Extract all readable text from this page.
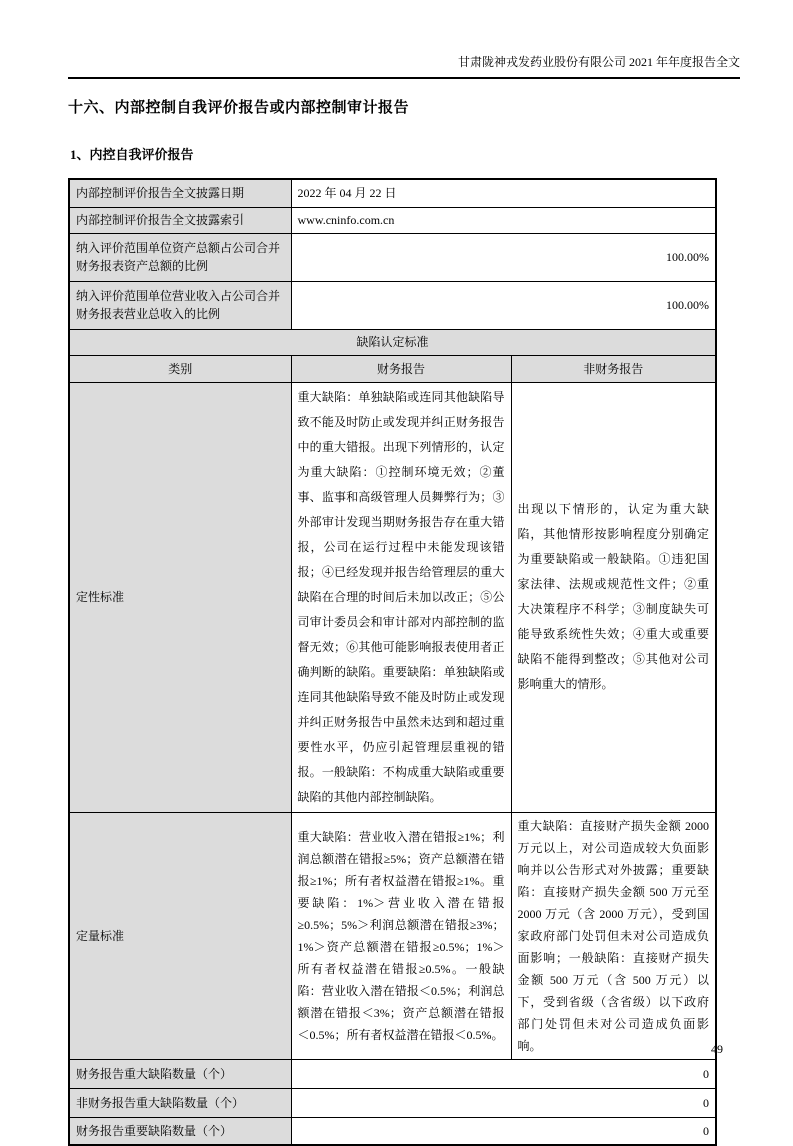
甘肃陇神戎发药业股份有限公司 2021 年年度报告全文
十六、内部控制自我评价报告或内部控制审计报告
1、内控自我评价报告
内部控制评价报告全文披露日期	2022 年 04 月 22 日	
内部控制评价报告全文披露索引	www.cninfo.com.cn	
纳入评价范围单位资产总额占公司合并财务报表资产总额的比例	100.00%	
纳入评价范围单位营业收入占公司合并财务报表营业总收入的比例	100.00%	
缺陷认定标准		
类别	财务报告	非财务报告
定性标准	重大缺陷：单独缺陷或连同其他缺陷导致不能及时防止或发现并纠正财务报告中的重大错报。出现下列情形的，认定为重大缺陷：①控制环境无效；②董事、监事和高级管理人员舞弊行为；③外部审计发现当期财务报告存在重大错报，公司在运行过程中未能发现该错报；④已经发现并报告给管理层的重大缺陷在合理的时间后未加以改正；⑤公司审计委员会和审计部对内部控制的监督无效；⑥其他可能影响报表使用者正确判断的缺陷。重要缺陷：单独缺陷或连同其他缺陷导致不能及时防止或发现并纠正财务报告中虽然未达到和超过重要性水平，仍应引起管理层重视的错报。一般缺陷：不构成重大缺陷或重要缺陷的其他内部控制缺陷。	出现以下情形的，认定为重大缺陷，其他情形按影响程度分别确定为重要缺陷或一般缺陷。①违犯国家法律、法规或规范性文件；②重大决策程序不科学；③制度缺失可能导致系统性失效；④重大或重要缺陷不能得到整改；⑤其他对公司影响重大的情形。
定量标准	重大缺陷：营业收入潜在错报≥1%；利润总额潜在错报≥5%；资产总额潜在错报≥1%；所有者权益潜在错报≥1%。重要缺陷：1%＞营业收入潜在错报≥0.5%；5%＞利润总额潜在错报≥3%；1%＞资产总额潜在错报≥0.5%；1%＞所有者权益潜在错报≥0.5%。一般缺陷：营业收入潜在错报＜0.5%；利润总额潜在错报＜3%；资产总额潜在错报＜0.5%；所有者权益潜在错报＜0.5%。	重大缺陷：直接财产损失金额 2000 万元以上，对公司造成较大负面影响并以公告形式对外披露；重要缺陷：直接财产损失金额 500 万元至 2000 万元（含 2000 万元），受到国家政府部门处罚但未对公司造成负面影响；一般缺陷：直接财产损失金额 500 万元（含 500 万元）以下，受到省级（含省级）以下政府部门处罚但未对公司造成负面影响。
财务报告重大缺陷数量（个）	0	
非财务报告重大缺陷数量（个）	0	
财务报告重要缺陷数量（个）	0	
49
